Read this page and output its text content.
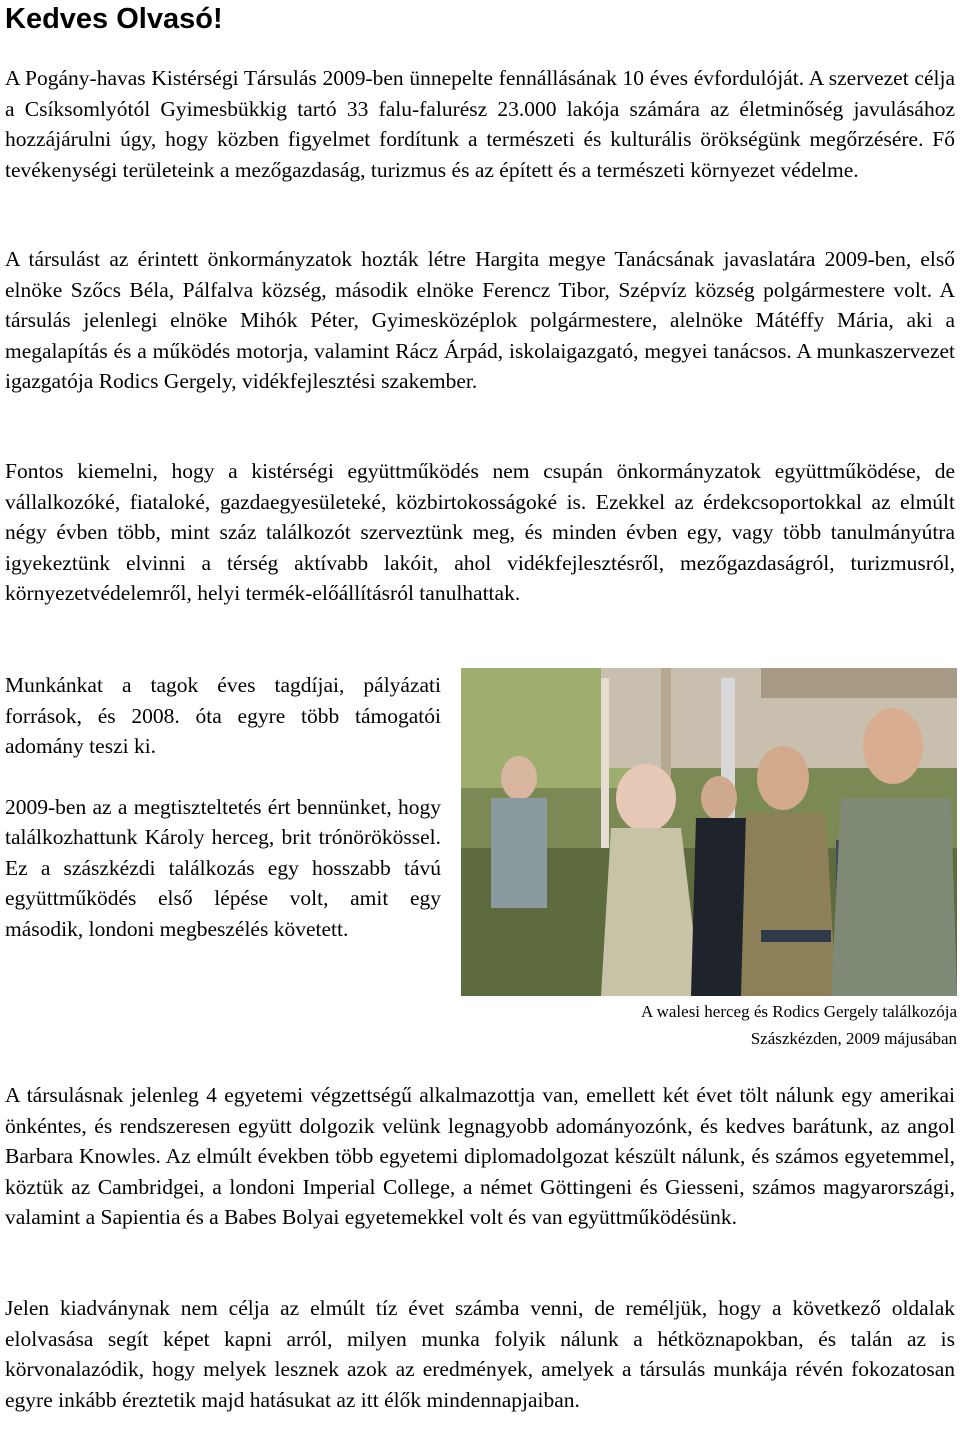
Kedves Olvasó!

A Pogány-havas Kistérségi Társulás 2009-ben ünnepelte fennállásának 10 éves évfordulóját. A szervezet célja a Csíksomlyótól Gyimesbükkig tartó 33 falu-falurész 23.000 lakója számára az életminőség javulásához hozzájárulni úgy, hogy közben figyelmet fordítunk a természeti és kulturális örökségünk megőrzésére. Fő tevékenységi területeink a mezőgazdaság, turizmus és az épített és a természeti környezet védelme.

A társulást az érintett önkormányzatok hozták létre Hargita megye Tanácsának javaslatára 2009-ben, első elnöke Szőcs Béla, Pálfalva község, második elnöke Ferencz Tibor, Szépvíz község polgármestere volt. A társulás jelenlegi elnöke Mihók Péter, Gyimesközéplok polgármestere, alelnöke Mátéffy Mária, aki a megalapítás és a működés motorja, valamint Rácz Árpád, iskolaigazgató, megyei tanácsos. A munkaszervezet igazgatója Rodics Gergely, vidékfejlesztési szakember.

Fontos kiemelni, hogy a kistérségi együttműködés nem csupán önkormányzatok együttműködése, de vállalkozóké, fiataloké, gazdaegyesületeké, közbirtokosságoké is. Ezekkel az érdekcsoportokkal az elmúlt négy évben több, mint száz találkozót szerveztünk meg, és minden évben egy, vagy több tanulmányútra igyekeztünk elvinni a térség aktívabb lakóit, ahol vidékfejlesztésről, mezőgazdaságról, turizmusról, környezetvédelemről, helyi termék-előállításról tanulhattak.

Munkánkat a tagok éves tagdíjai, pályázati források, és 2008. óta egyre több támogatói adomány teszi ki.

2009-ben az a megtiszteltetés ért bennünket, hogy találkozhattunk Károly herceg, brit trónörökössel. Ez a szászkézdi találkozás egy hosszabb távú együttműködés első lépése volt, amit egy második, londoni megbeszélés követett.

A walesi herceg és Rodics Gergely találkozója
Szászkézden, 2009 májusában

A társulásnak jelenleg 4 egyetemi végzettségű alkalmazottja van, emellett két évet tölt nálunk egy amerikai önkéntes, és rendszeresen együtt dolgozik velünk legnagyobb adományozónk, és kedves barátunk, az angol Barbara Knowles. Az elmúlt években több egyetemi diplomadolgozat készült nálunk, és számos egyetemmel, köztük az Cambridgei, a londoni Imperial College, a német Göttingeni és Giesseni, számos magyarországi, valamint a Sapientia és a Babes Bolyai egyetemekkel volt és van együttműködésünk.

Jelen kiadványnak nem célja az elmúlt tíz évet számba venni, de reméljük, hogy a következő oldalak elolvasása segít képet kapni arról, milyen munka folyik nálunk a hétköznapokban, és talán az is körvonalazódik, hogy melyek lesznek azok az eredmények, amelyek a társulás munkája révén fokozatosan egyre inkább éreztetik majd hatásukat az itt élők mindennapjaiban.
